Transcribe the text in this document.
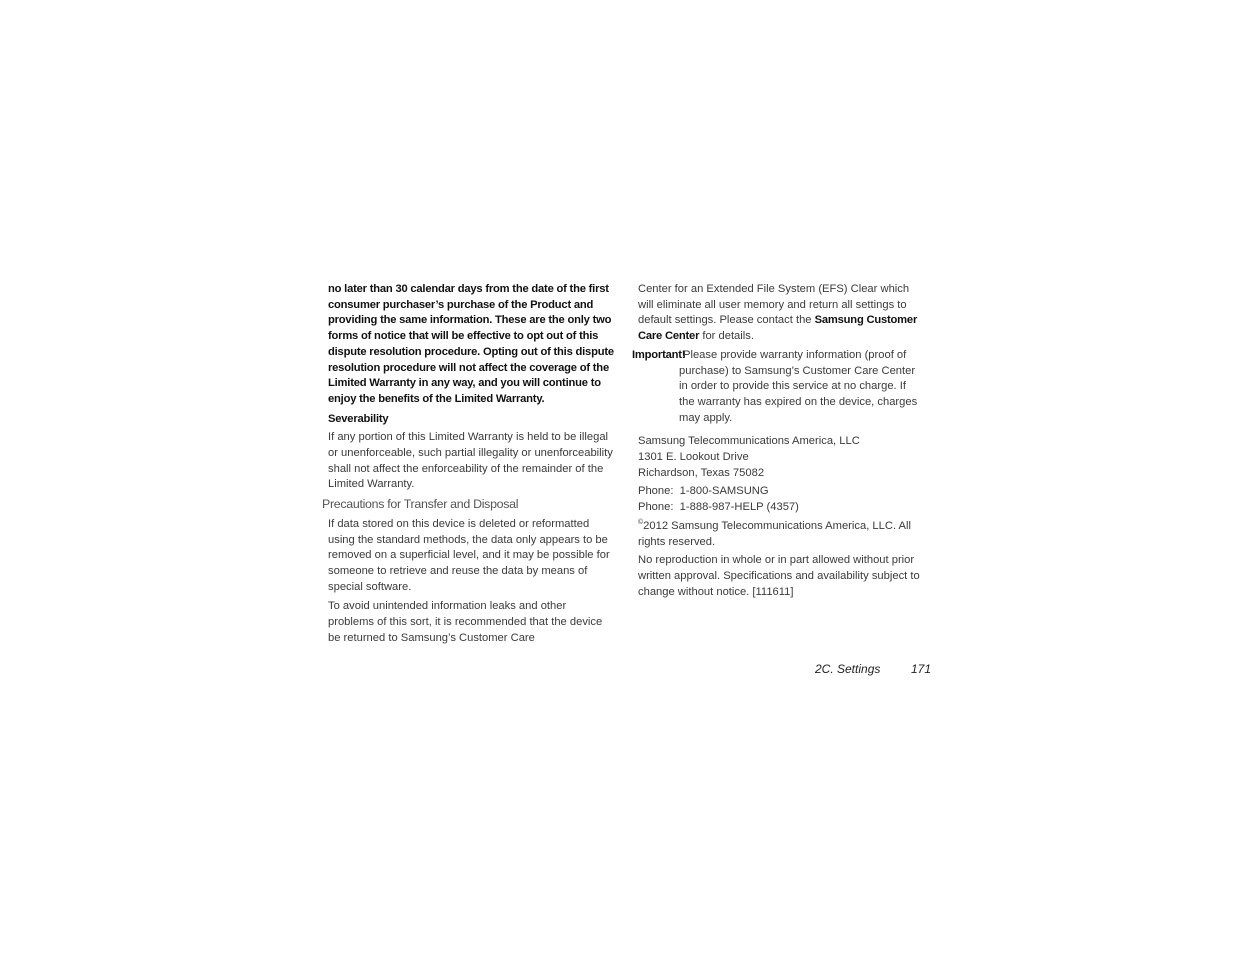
no later than 30 calendar days from the date of the first consumer purchaser’s purchase of the Product and providing the same information. These are the only two forms of notice that will be effective to opt out of this dispute resolution procedure. Opting out of this dispute resolution procedure will not affect the coverage of the Limited Warranty in any way, and you will continue to enjoy the benefits of the Limited Warranty.
Severability
If any portion of this Limited Warranty is held to be illegal or unenforceable, such partial illegality or unenforceability shall not affect the enforceability of the remainder of the Limited Warranty.
Precautions for Transfer and Disposal
If data stored on this device is deleted or reformatted using the standard methods, the data only appears to be removed on a superficial level, and it may be possible for someone to retrieve and reuse the data by means of special software.
To avoid unintended information leaks and other problems of this sort, it is recommended that the device be returned to Samsung’s Customer Care
Center for an Extended File System (EFS) Clear which will eliminate all user memory and return all settings to default settings. Please contact the Samsung Customer Care Center for details.
Important!
Please provide warranty information (proof of purchase) to Samsung’s Customer Care Center in order to provide this service at no charge. If the warranty has expired on the device, charges may apply.
Samsung Telecommunications America, LLC
1301 E. Lookout Drive
Richardson, Texas 75082
Phone:  1-800-SAMSUNG
Phone:  1-888-987-HELP (4357)
©2012 Samsung Telecommunications America, LLC. All rights reserved.
No reproduction in whole or in part allowed without prior written approval. Specifications and availability subject to change without notice. [111611]
2C. Settings	171
